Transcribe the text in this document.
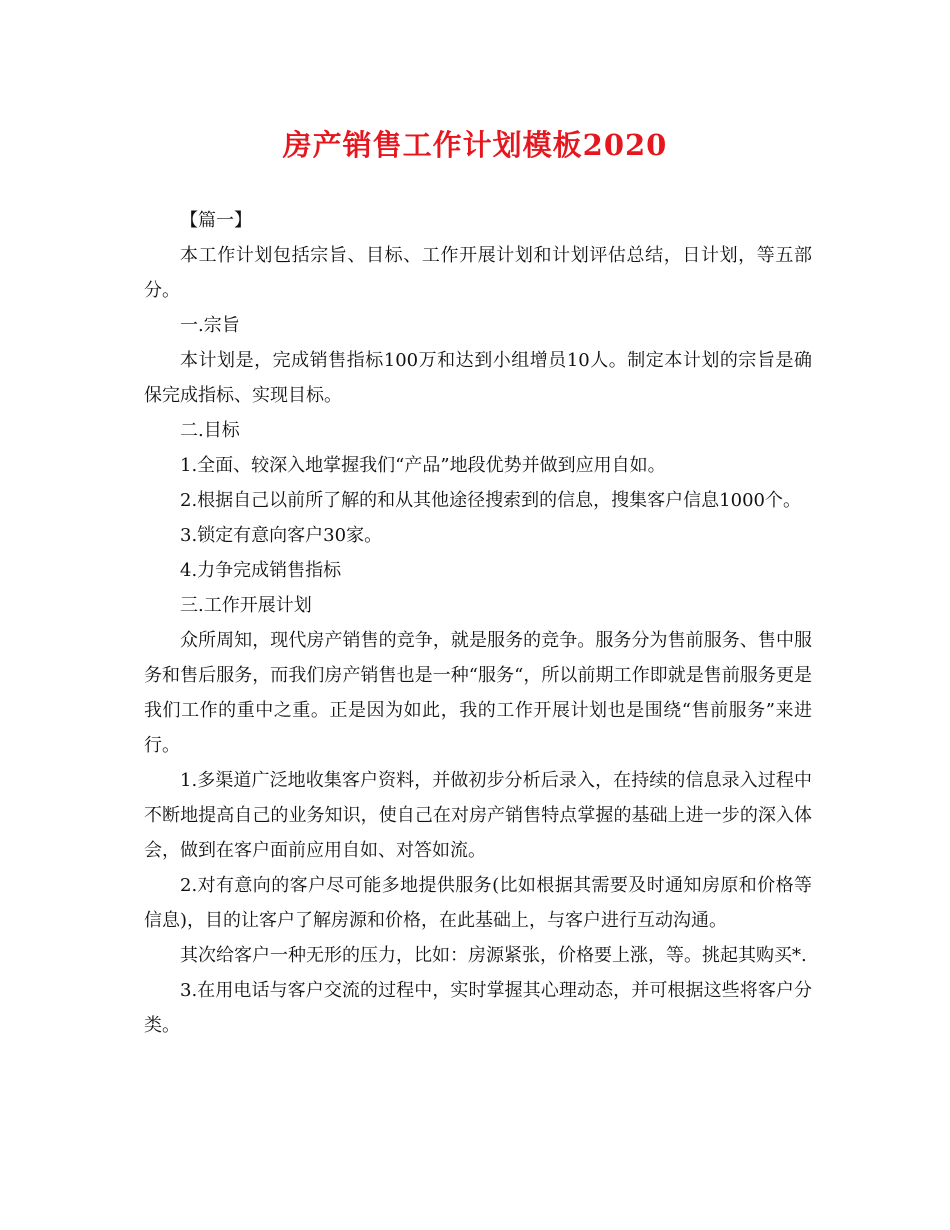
房产销售工作计划模板2020

【篇一】

本工作计划包括宗旨、目标、工作开展计划和计划评估总结，日计划，等五部分。

一.宗旨

本计划是，完成销售指标100万和达到小组增员10人。制定本计划的宗旨是确保完成指标、实现目标。

二.目标

1.全面、较深入地掌握我们“产品”地段优势并做到应用自如。

2.根据自己以前所了解的和从其他途径搜索到的信息，搜集客户信息1000个。

3.锁定有意向客户30家。

4.力争完成销售指标

三.工作开展计划

众所周知，现代房产销售的竞争，就是服务的竞争。服务分为售前服务、售中服务和售后服务，而我们房产销售也是一种“服务“，所以前期工作即就是售前服务更是我们工作的重中之重。正是因为如此，我的工作开展计划也是围绕“售前服务”来进行。

1.多渠道广泛地收集客户资料，并做初步分析后录入，在持续的信息录入过程中不断地提高自己的业务知识，使自己在对房产销售特点掌握的基础上进一步的深入体会，做到在客户面前应用自如、对答如流。

2.对有意向的客户尽可能多地提供服务(比如根据其需要及时通知房原和价格等信息)，目的让客户了解房源和价格，在此基础上，与客户进行互动沟通。

其次给客户一种无形的压力，比如：房源紧张，价格要上涨，等。挑起其购买*.

3.在用电话与客户交流的过程中，实时掌握其心理动态，并可根据这些将客户分类。
